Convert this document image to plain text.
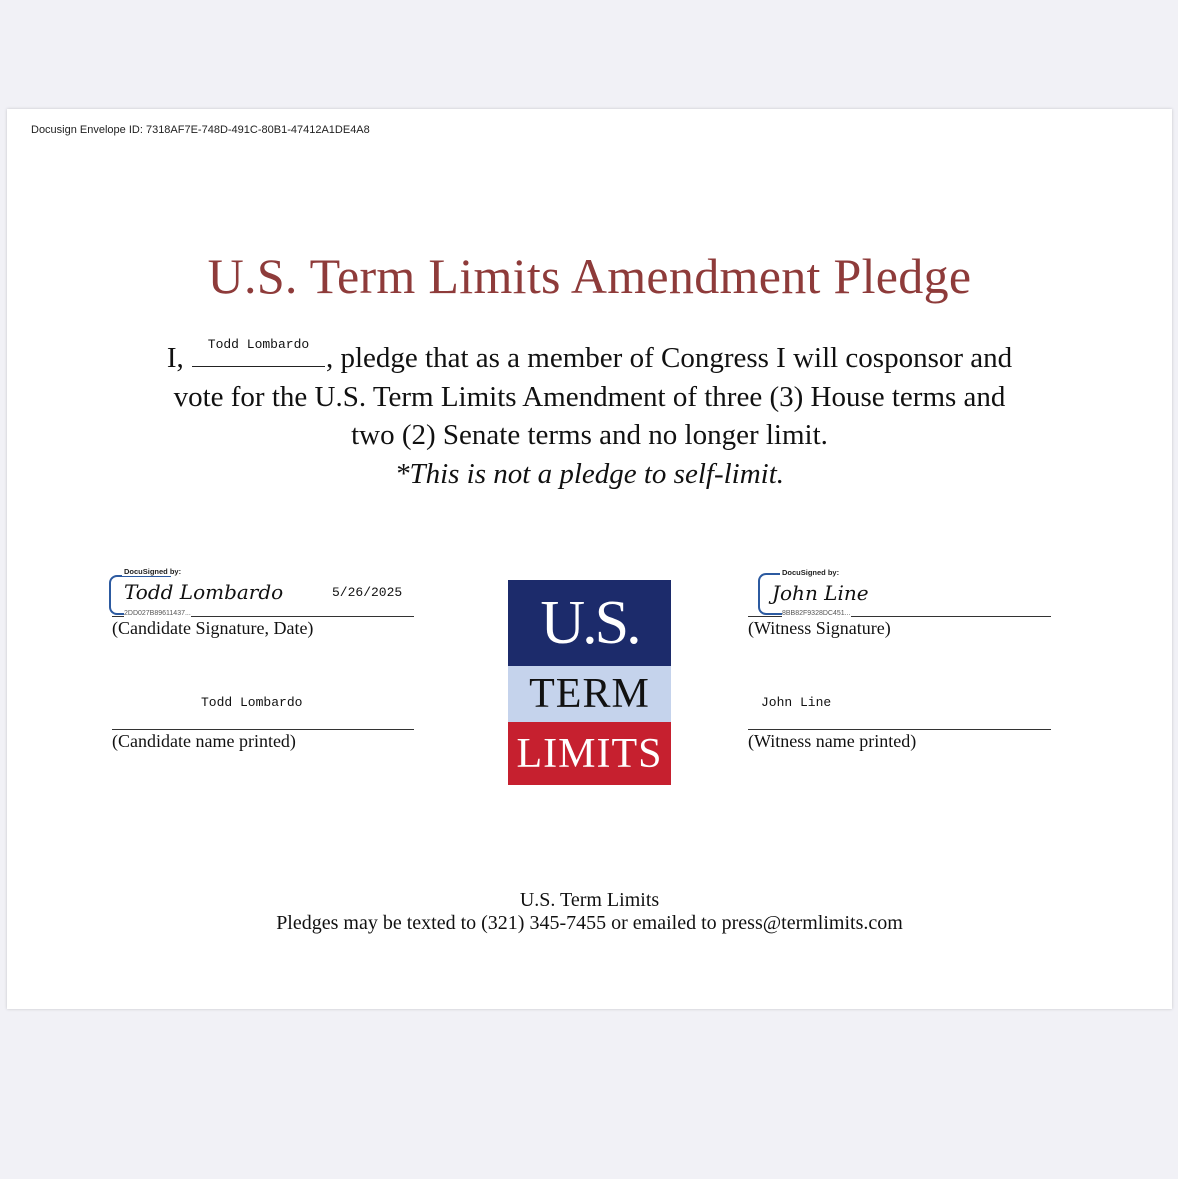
Docusign Envelope ID: 7318AF7E-748D-491C-80B1-47412A1DE4A8
U.S. Term Limits Amendment Pledge
I,	Todd Lombardo , pledge that as a member of Congress I will cosponsor and
vote for the U.S. Term Limits Amendment of three (3) House terms and
two (2) Senate terms and no longer limit.
*This is not a pledge to self-limit.
DocuSigned by:
Todd Lombardo	5/26/2025
2DD027B89611437...
(Candidate Signature, Date)
Todd Lombardo
(Candidate name printed)
U.S.
TERM
LIMITS
DocuSigned by:
John Line
8BB82F9328DC451...
(Witness Signature)
John Line
(Witness name printed)
U.S. Term Limits
Pledges may be texted to (321) 345-7455 or emailed to press@termlimits.com
